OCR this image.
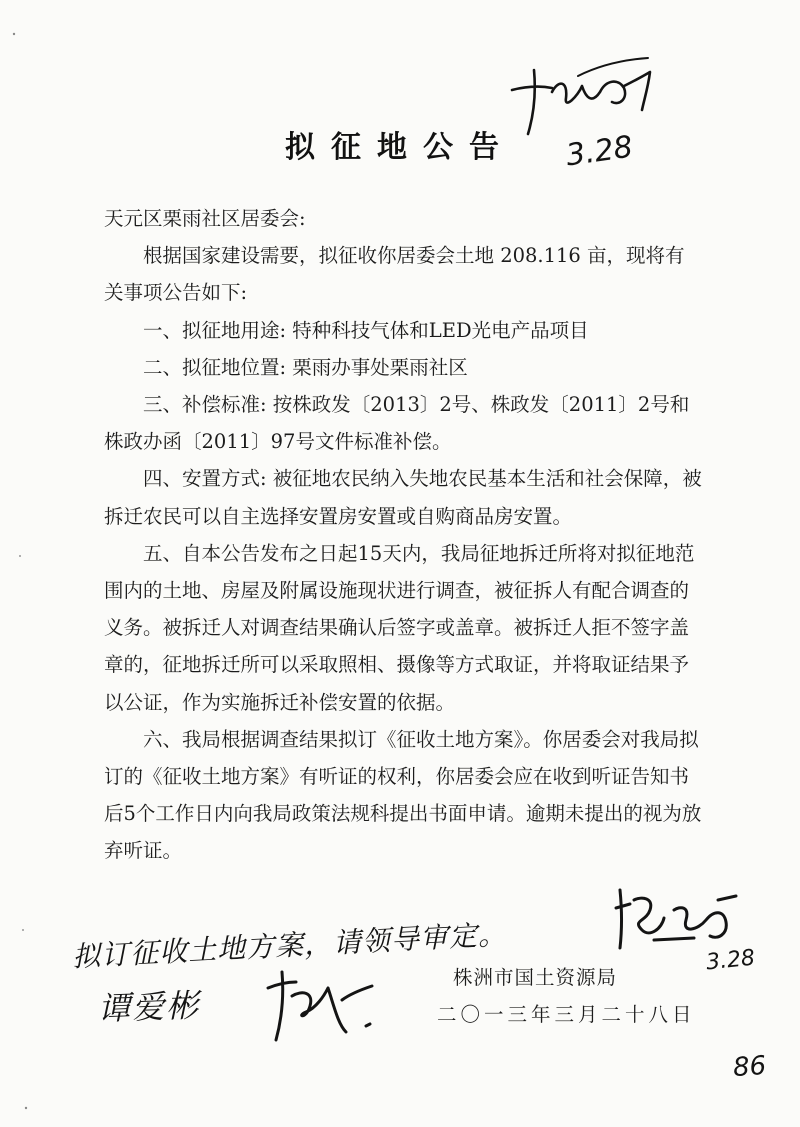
拟征地公告

天元区栗雨社区居委会:

根据国家建设需要，拟征收你居委会土地 208.116 亩，现将有关事项公告如下:

一、拟征地用途: 特种科技气体和LED光电产品项目

二、拟征地位置: 栗雨办事处栗雨社区

三、补偿标准: 按株政发〔2013〕2号、株政发〔2011〕2号和株政办函〔2011〕97号文件标准补偿。

四、安置方式: 被征地农民纳入失地农民基本生活和社会保障，被拆迁农民可以自主选择安置房安置或自购商品房安置。

五、自本公告发布之日起15天内，我局征地拆迁所将对拟征地范围内的土地、房屋及附属设施现状进行调查，被征拆人有配合调查的义务。被拆迁人对调查结果确认后签字或盖章。被拆迁人拒不签字盖章的，征地拆迁所可以采取照相、摄像等方式取证，并将取证结果予以公证，作为实施拆迁补偿安置的依据。

六、我局根据调查结果拟订《征收土地方案》。你居委会对我局拟订的《征收土地方案》有听证的权利，你居委会应在收到听证告知书后5个工作日内向我局政策法规科提出书面申请。逾期未提出的视为放弃听证。

株洲市国土资源局
二〇一三年三月二十八日
3.28
3.28
拟订征收土地方案，请领导审定。
谭爱彬
86
